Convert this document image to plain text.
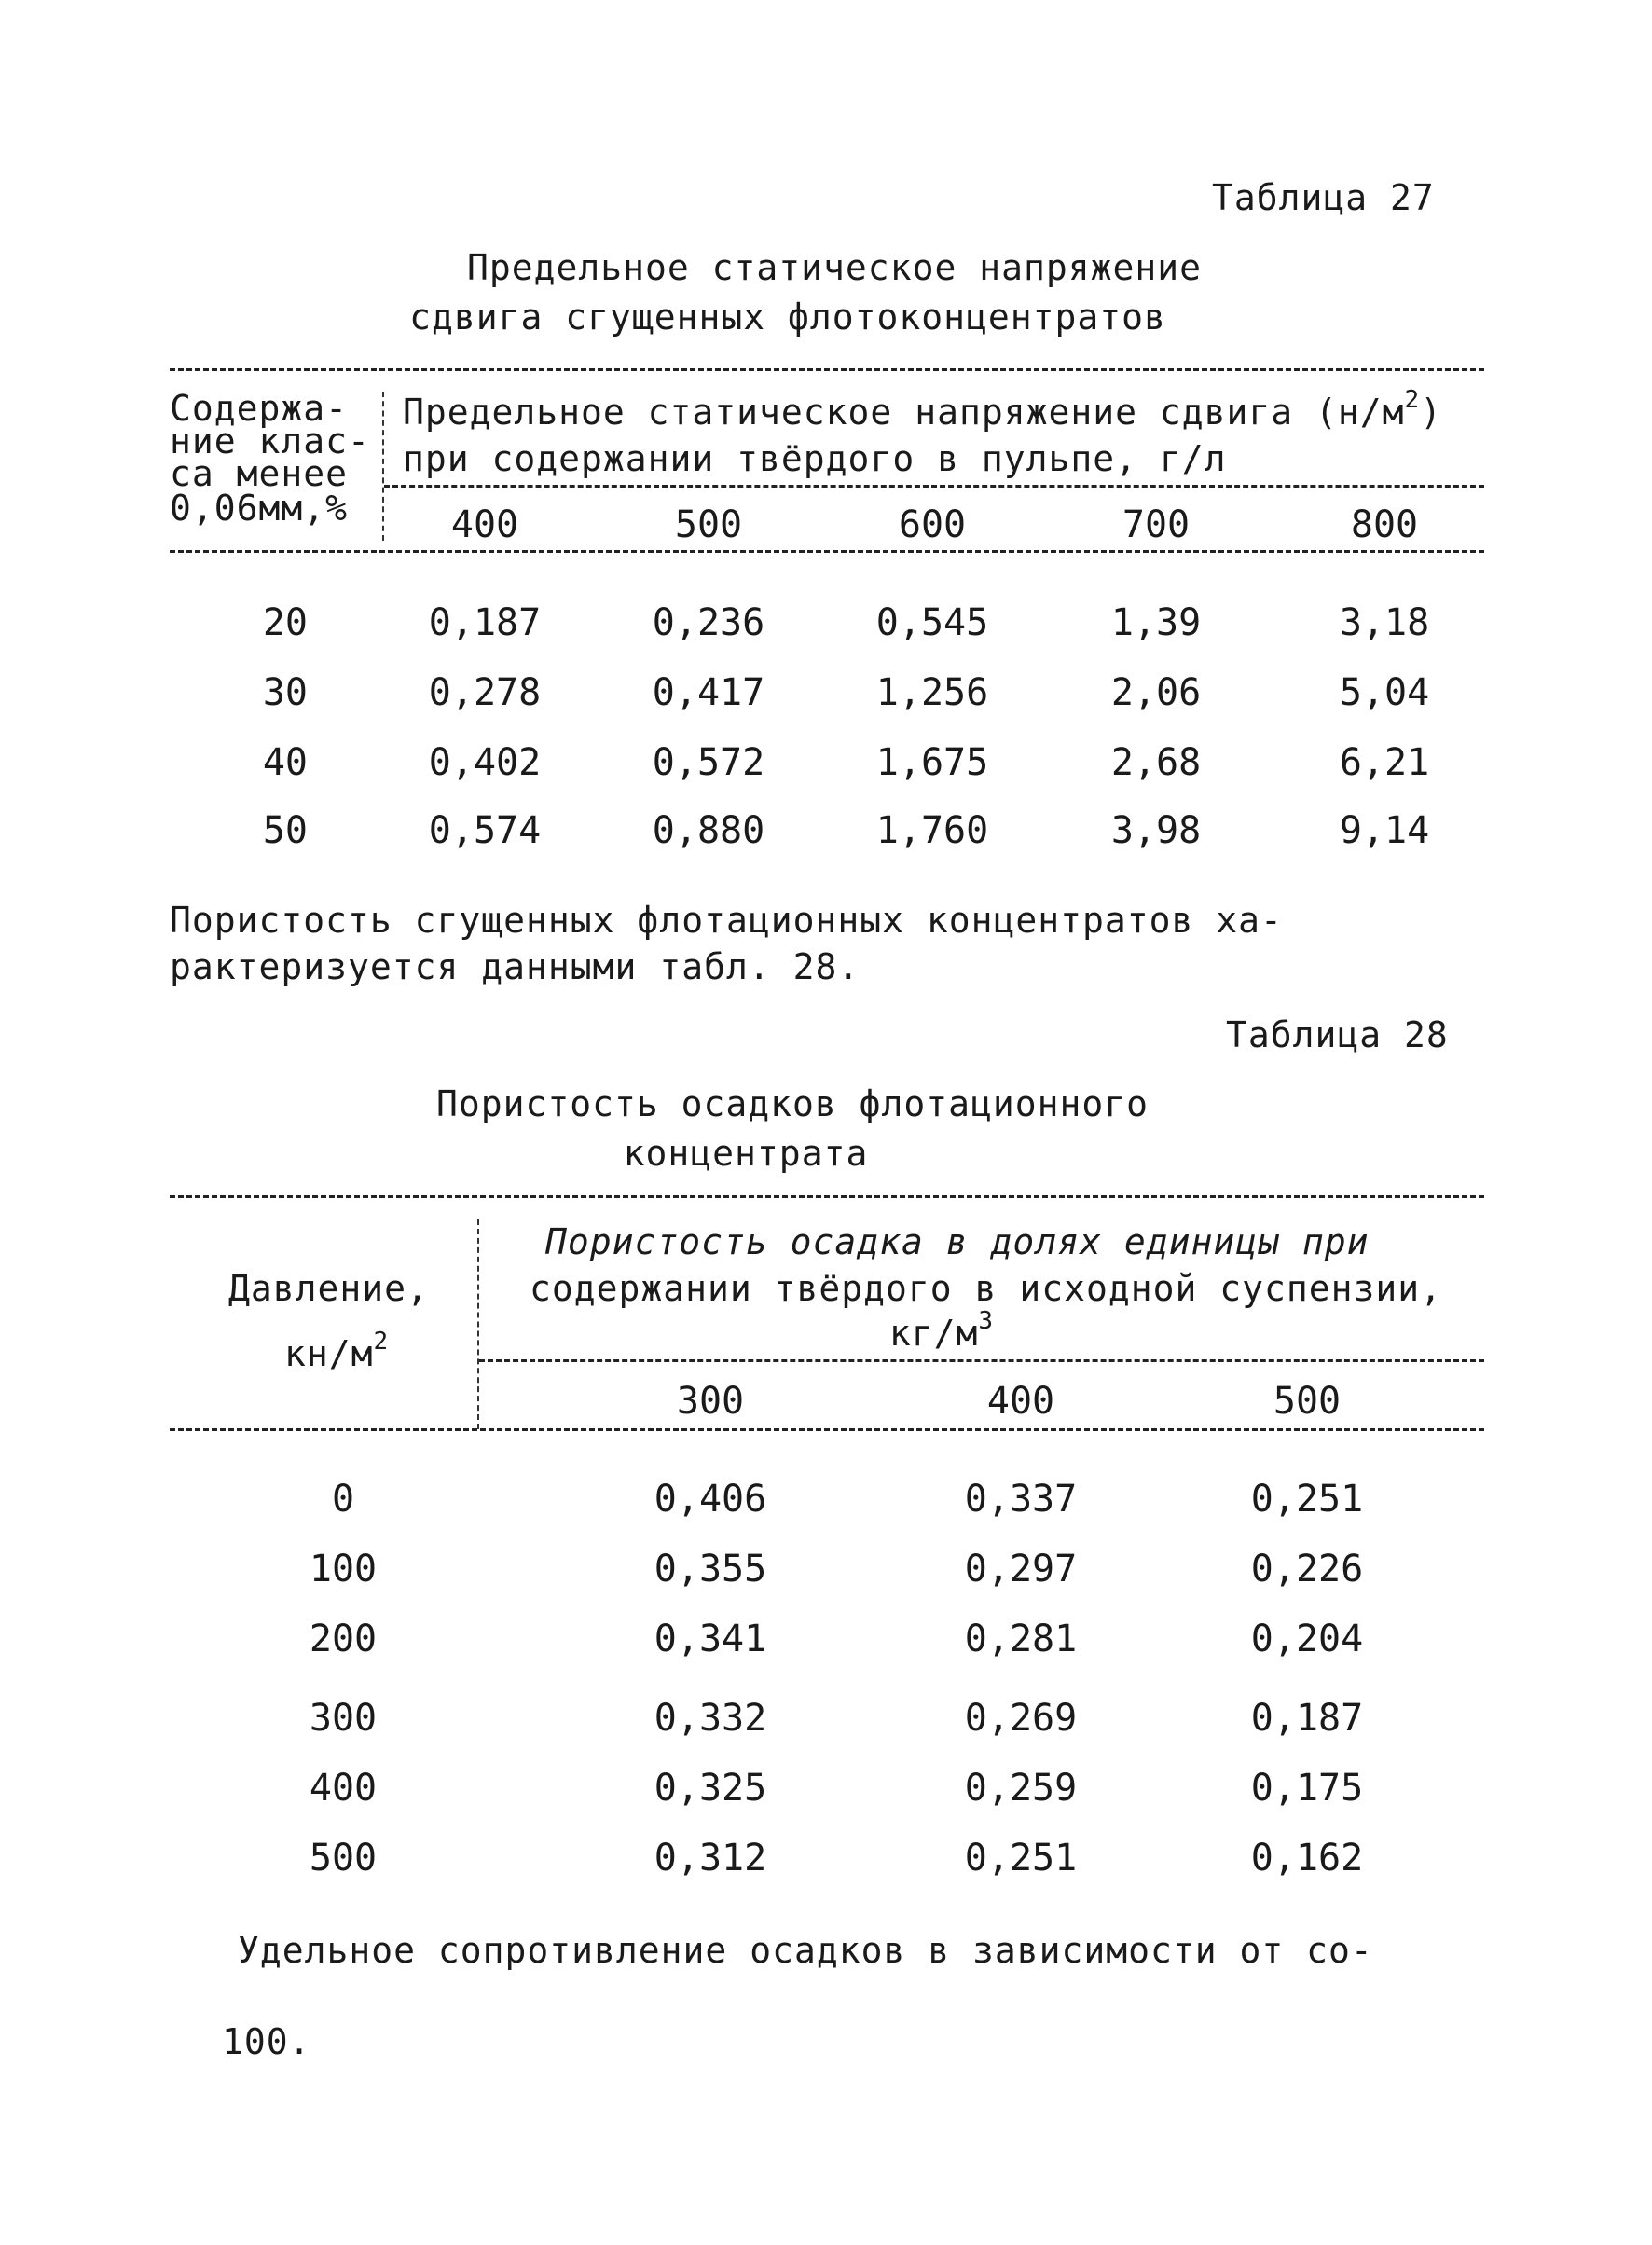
Таблица 27
Предельное статическое напряжение
сдвига сгущенных флотоконцентратов
Содержа-
ние клас-
са менее
0,06мм,%
Предельное статическое напряжение сдвига $(н/м^2)$
при содержании твёрдого в пульпе, г/л
400	500	600	700	800
20	0,187	0,236	0,545	1,39	3,18
30	0,278	0,417	1,256	2,06	5,04
40	0,402	0,572	1,675	2,68	6,21
50	0,574	0,880	1,760	3,98	9,14
Пористость сгущенных флотационных концентратов ха-
рактеризуется данными табл. 28.
Таблица 28
Пористость осадков флотационного
концентрата
Давление,
$кн/м^2$
Пористость осадка в долях единицы при
содержании твёрдого в исходной суспензии,
$кг/м^3$
300	400	500
0	0,406	0,337	0,251
100	0,355	0,297	0,226
200	0,341	0,281	0,204
300	0,332	0,269	0,187
400	0,325	0,259	0,175
500	0,312	0,251	0,162
Удельное сопротивление осадков в зависимости от со-
100.
